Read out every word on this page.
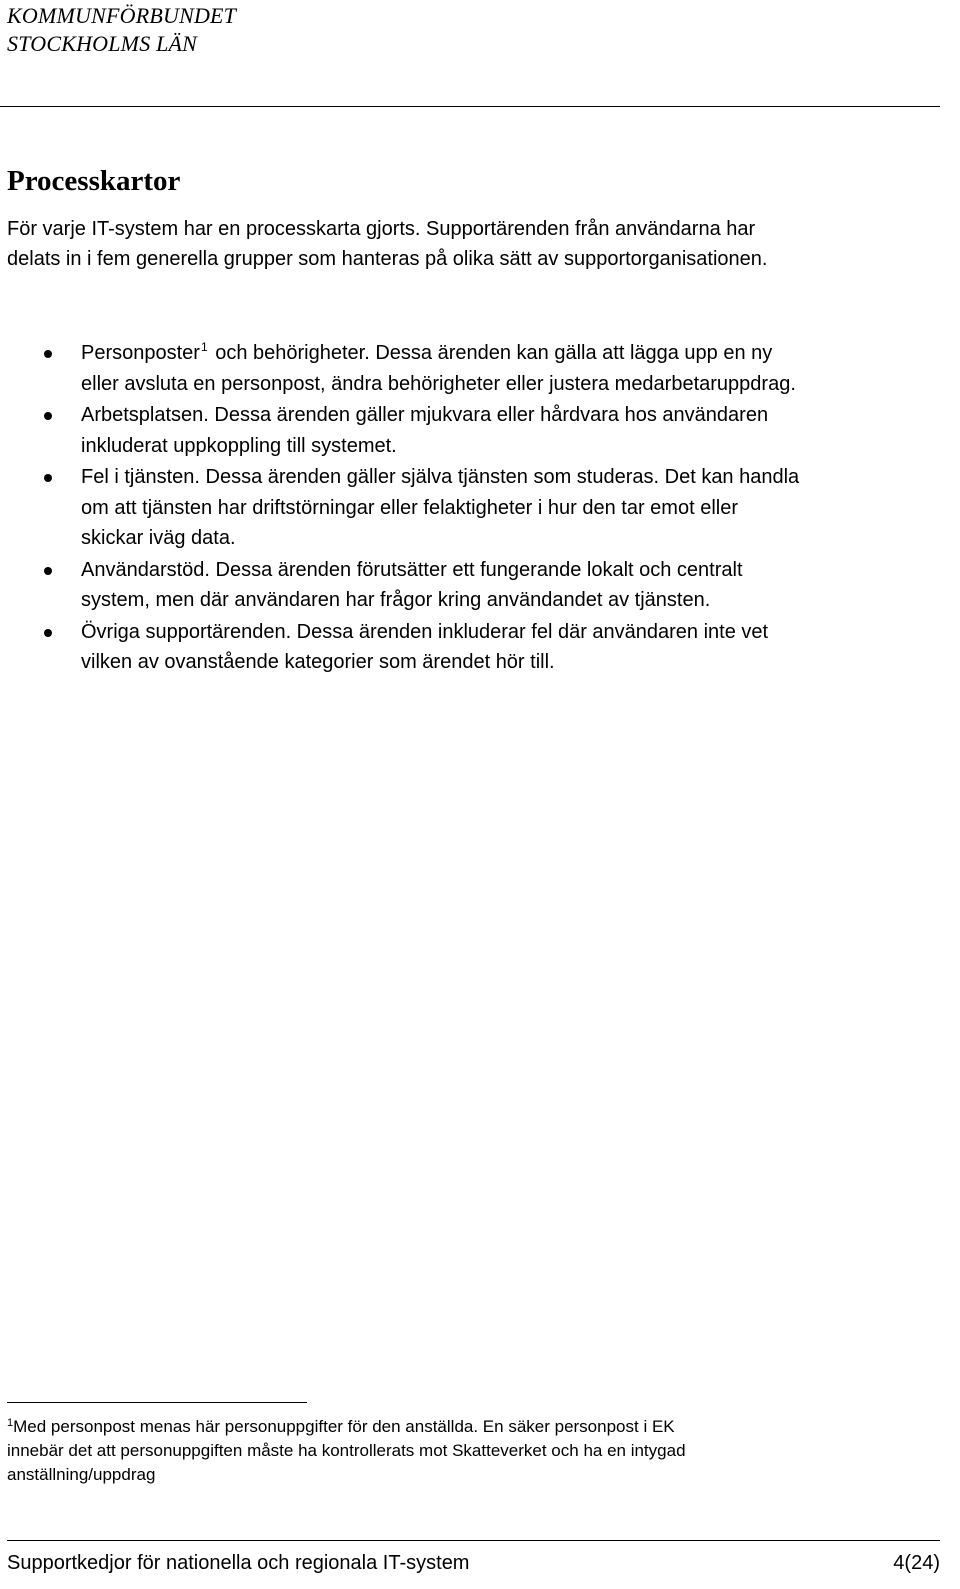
KOMMUNFÖRBUNDET
STOCKHOLMS LÄN
Processkartor

För varje IT-system har en processkarta gjorts. Supportärenden från användarna har delats in i fem generella grupper som hanteras på olika sätt av supportorganisationen.

Personposter$^1$ och behörigheter. Dessa ärenden kan gälla att lägga upp en ny eller avsluta en personpost, ändra behörigheter eller justera medarbetaruppdrag.
Arbetsplatsen. Dessa ärenden gäller mjukvara eller hårdvara hos användaren inkluderat uppkoppling till systemet.
Fel i tjänsten. Dessa ärenden gäller själva tjänsten som studeras. Det kan handla om att tjänsten har driftstörningar eller felaktigheter i hur den tar emot eller skickar iväg data.
Användarstöd. Dessa ärenden förutsätter ett fungerande lokalt och centralt system, men där användaren har frågor kring användandet av tjänsten.
Övriga supportärenden. Dessa ärenden inkluderar fel där användaren inte vet vilken av ovanstående kategorier som ärendet hör till.

$^1$Med personpost menas här personuppgifter för den anställda. En säker personpost i EK innebär det att personuppgiften måste ha kontrollerats mot Skatteverket och ha en intygad anställning/uppdrag

Supportkedjor för nationella och regionala IT-system	4(24)
